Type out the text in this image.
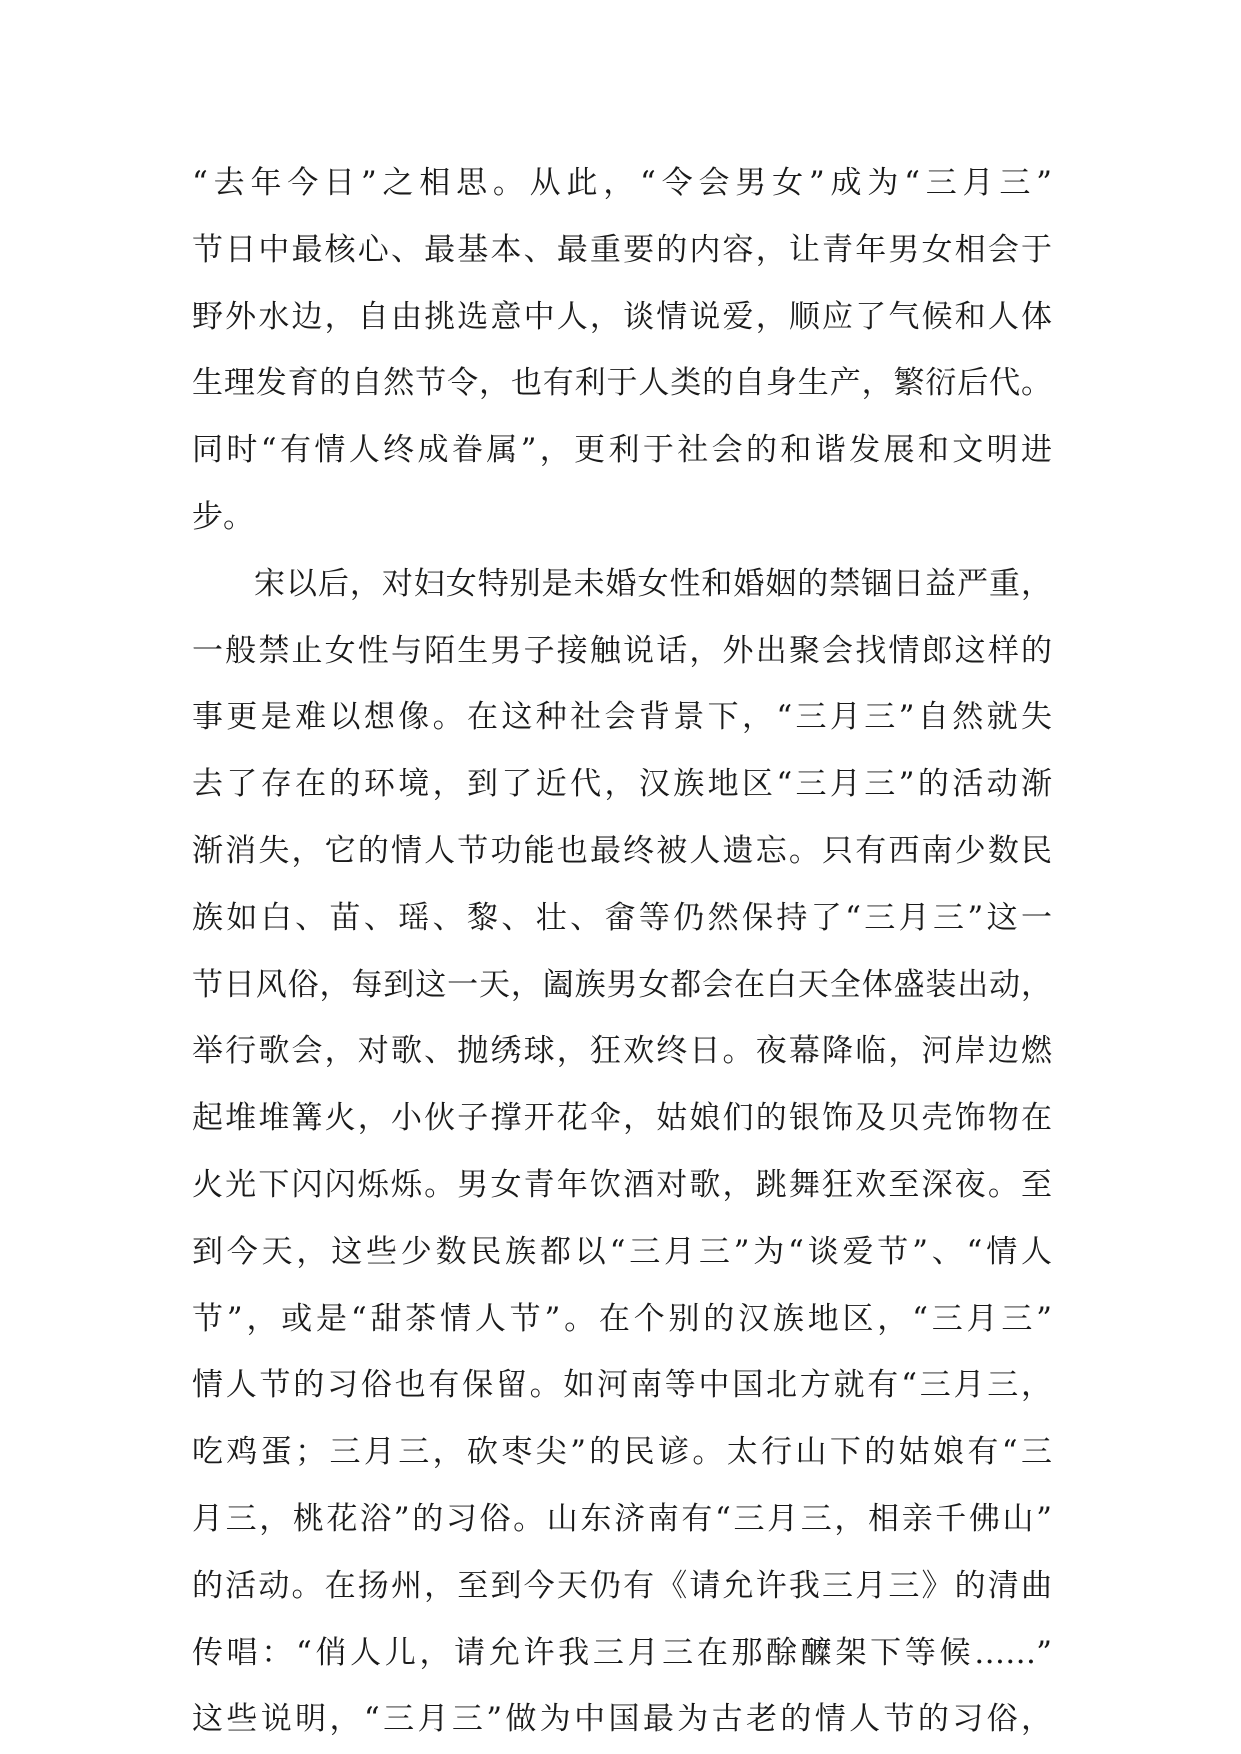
“去年今日”之相思。从此，“令会男女”成为“三月三”
节日中最核心、最基本、最重要的内容，让青年男女相会于
野外水边，自由挑选意中人，谈情说爱，顺应了气候和人体
生理发育的自然节令，也有利于人类的自身生产，繁衍后代。
同时“有情人终成眷属”，更利于社会的和谐发展和文明进
步。
宋以后，对妇女特别是未婚女性和婚姻的禁锢日益严重，
一般禁止女性与陌生男子接触说话，外出聚会找情郎这样的
事更是难以想像。在这种社会背景下，“三月三”自然就失
去了存在的环境，到了近代，汉族地区“三月三”的活动渐
渐消失，它的情人节功能也最终被人遗忘。只有西南少数民
族如白、苗、瑶、黎、壮、畲等仍然保持了“三月三”这一
节日风俗，每到这一天，阖族男女都会在白天全体盛装出动，
举行歌会，对歌、抛绣球，狂欢终日。夜幕降临，河岸边燃
起堆堆篝火，小伙子撑开花伞，姑娘们的银饰及贝壳饰物在
火光下闪闪烁烁。男女青年饮酒对歌，跳舞狂欢至深夜。至
到今天，这些少数民族都以“三月三”为“谈爱节”、“情人
节”，或是“甜茶情人节”。在个别的汉族地区，“三月三”
情人节的习俗也有保留。如河南等中国北方就有“三月三，
吃鸡蛋；三月三，砍枣尖”的民谚。太行山下的姑娘有“三
月三，桃花浴”的习俗。山东济南有“三月三，相亲千佛山”
的活动。在扬州，至到今天仍有《请允许我三月三》的清曲
传唱：“俏人儿，请允许我三月三在那酴醾架下等候……”
这些说明，“三月三”做为中国最为古老的情人节的习俗，
